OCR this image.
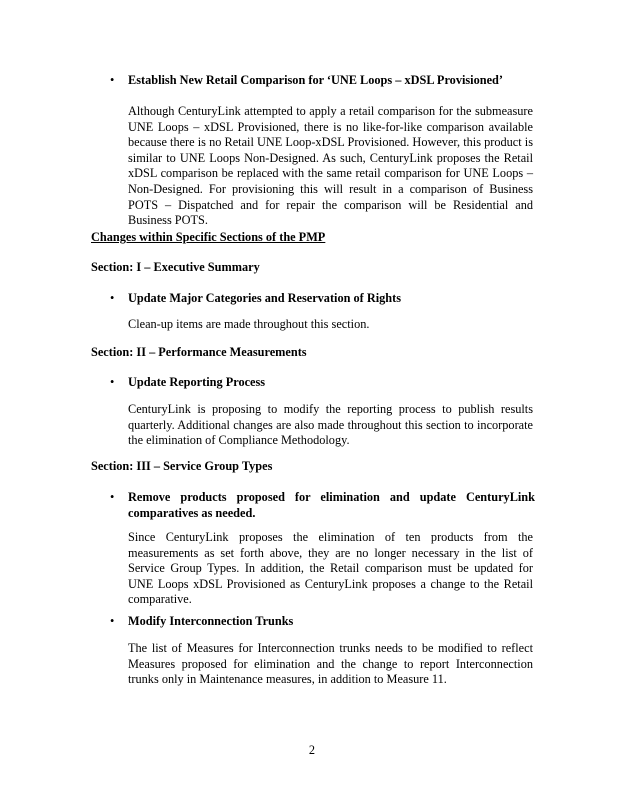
• Establish New Retail Comparison for ‘UNE Loops – xDSL Provisioned’
Although CenturyLink attempted to apply a retail comparison for the submeasure UNE Loops – xDSL Provisioned, there is no like-for-like comparison available because there is no Retail UNE Loop-xDSL Provisioned. However, this product is similar to UNE Loops Non-Designed. As such, CenturyLink proposes the Retail xDSL comparison be replaced with the same retail comparison for UNE Loops – Non-Designed. For provisioning this will result in a comparison of Business POTS – Dispatched and for repair the comparison will be Residential and Business POTS.
Changes within Specific Sections of the PMP
Section: I – Executive Summary
• Update Major Categories and Reservation of Rights
Clean-up items are made throughout this section.
Section: II – Performance Measurements
• Update Reporting Process
CenturyLink is proposing to modify the reporting process to publish results quarterly. Additional changes are also made throughout this section to incorporate the elimination of Compliance Methodology.
Section: III – Service Group Types
• Remove products proposed for elimination and update CenturyLink comparatives as needed.
Since CenturyLink proposes the elimination of ten products from the measurements as set forth above, they are no longer necessary in the list of Service Group Types. In addition, the Retail comparison must be updated for UNE Loops xDSL Provisioned as CenturyLink proposes a change to the Retail comparative.
• Modify Interconnection Trunks
The list of Measures for Interconnection trunks needs to be modified to reflect Measures proposed for elimination and the change to report Interconnection trunks only in Maintenance measures, in addition to Measure 11.
2
